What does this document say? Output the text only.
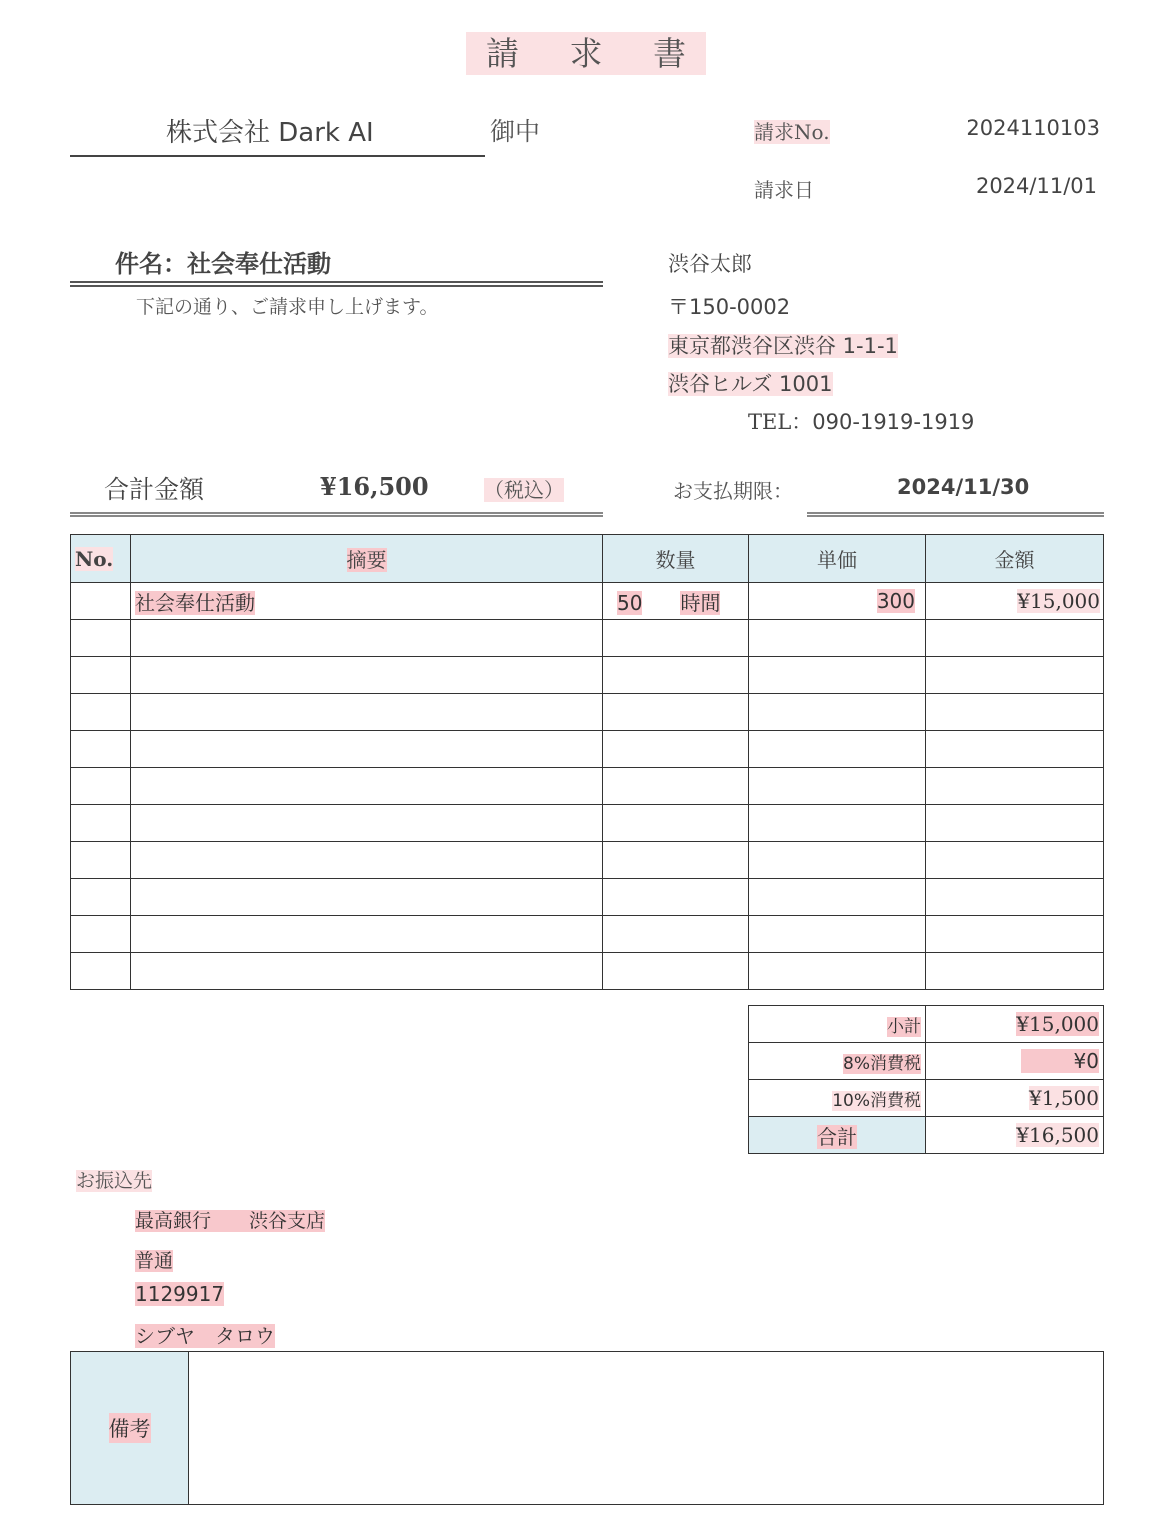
請 求 書
株式会社 Dark AI	御中	請求No.	2024110103
請求日	2024/11/01
件名：社会奉仕活動
下記の通り、ご請求申し上げます。
渋谷太郎
〒150-0002
東京都渋谷区渋谷 1-1-1
渋谷ヒルズ 1001
TEL：090-1919-1919
合計金額	¥16,500	（税込）	お支払期限：	2024/11/30
No.	摘要	数量	単価	金額
	社会奉仕活動	50 時間	300	¥15,000

小計	¥15,000
8%消費税	¥0
10%消費税	¥1,500
合計	¥16,500
お振込先
最高銀行　　渋谷支店
普通
1129917
シブヤ　タロウ
備考
